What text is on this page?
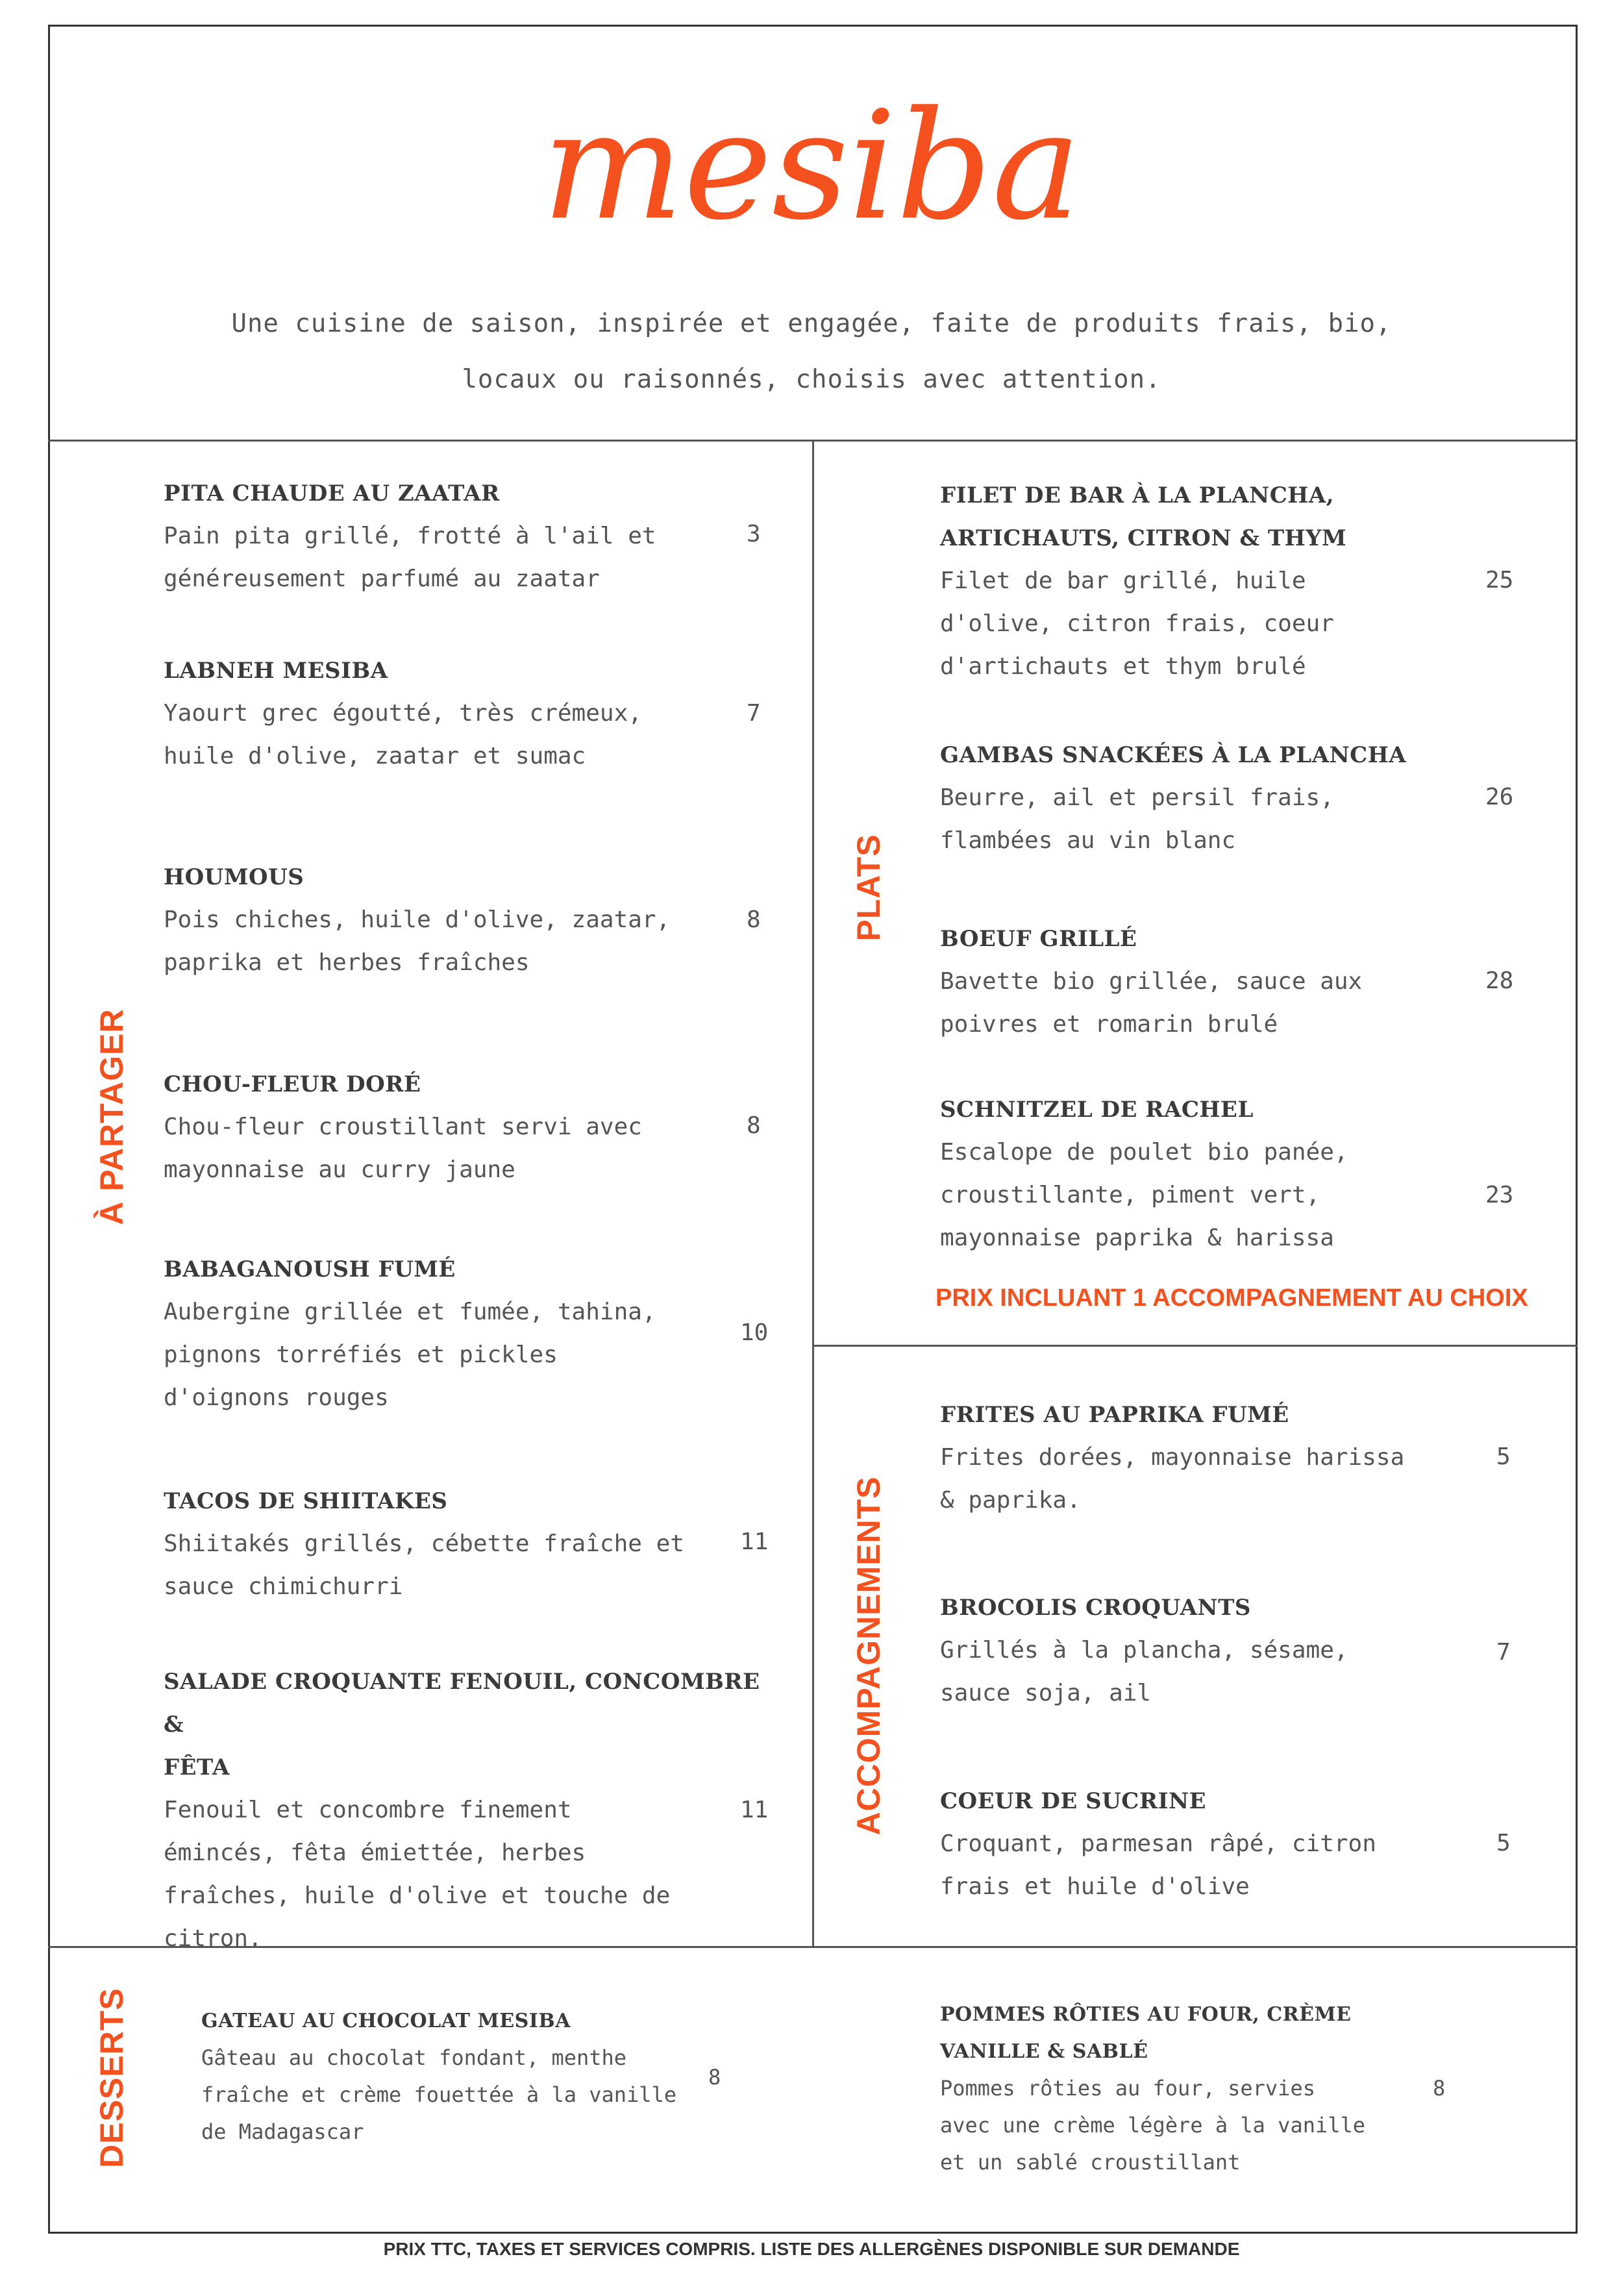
mesiba
Une cuisine de saison, inspirée et engagée, faite de produits frais, bio,
locaux ou raisonnés, choisis avec attention.
À PARTAGER
PLATS
ACCOMPAGNEMENTS
DESSERTS
PITA CHAUDE AU ZAATAR
Pain pita grillé, frotté à l'ail et
généreusement parfumé au zaatar
3
LABNEH MESIBA
Yaourt grec égoutté, très crémeux,
huile d'olive, zaatar et sumac
7
HOUMOUS
Pois chiches, huile d'olive, zaatar,
paprika et herbes fraîches
8
CHOU-FLEUR DORÉ
Chou-fleur croustillant servi avec
mayonnaise au curry jaune
8
BABAGANOUSH FUMÉ
Aubergine grillée et fumée, tahina,
pignons torréfiés et pickles
d'oignons rouges
10
TACOS DE SHIITAKES
Shiitakés grillés, cébette fraîche et
sauce chimichurri
11
SALADE CROQUANTE FENOUIL, CONCOMBRE &
FÊTA
Fenouil et concombre finement
émincés, fêta émiettée, herbes
fraîches, huile d'olive et touche de
citron.
11
FILET DE BAR À LA PLANCHA,
ARTICHAUTS, CITRON & THYM
Filet de bar grillé, huile
d'olive, citron frais, coeur
d'artichauts et thym brulé
25
GAMBAS SNACKÉES À LA PLANCHA
Beurre, ail et persil frais,
flambées au vin blanc
26
BOEUF GRILLÉ
Bavette bio grillée, sauce aux
poivres et romarin brulé
28
SCHNITZEL DE RACHEL
Escalope de poulet bio panée,
croustillante, piment vert,
mayonnaise paprika & harissa
23
PRIX INCLUANT 1 ACCOMPAGNEMENT AU CHOIX
FRITES AU PAPRIKA FUMÉ
Frites dorées, mayonnaise harissa
& paprika.
5
BROCOLIS CROQUANTS
Grillés à la plancha, sésame,
sauce soja, ail
7
COEUR DE SUCRINE
Croquant, parmesan râpé, citron
frais et huile d'olive
5
GATEAU AU CHOCOLAT MESIBA
Gâteau au chocolat fondant, menthe
fraîche et crème fouettée à la vanille
de Madagascar
8
POMMES RÔTIES AU FOUR, CRÈME
VANILLE & SABLÉ
Pommes rôties au four, servies
avec une crème légère à la vanille
et un sablé croustillant
8
PRIX TTC, TAXES ET SERVICES COMPRIS. LISTE DES ALLERGÈNES DISPONIBLE SUR DEMANDE
